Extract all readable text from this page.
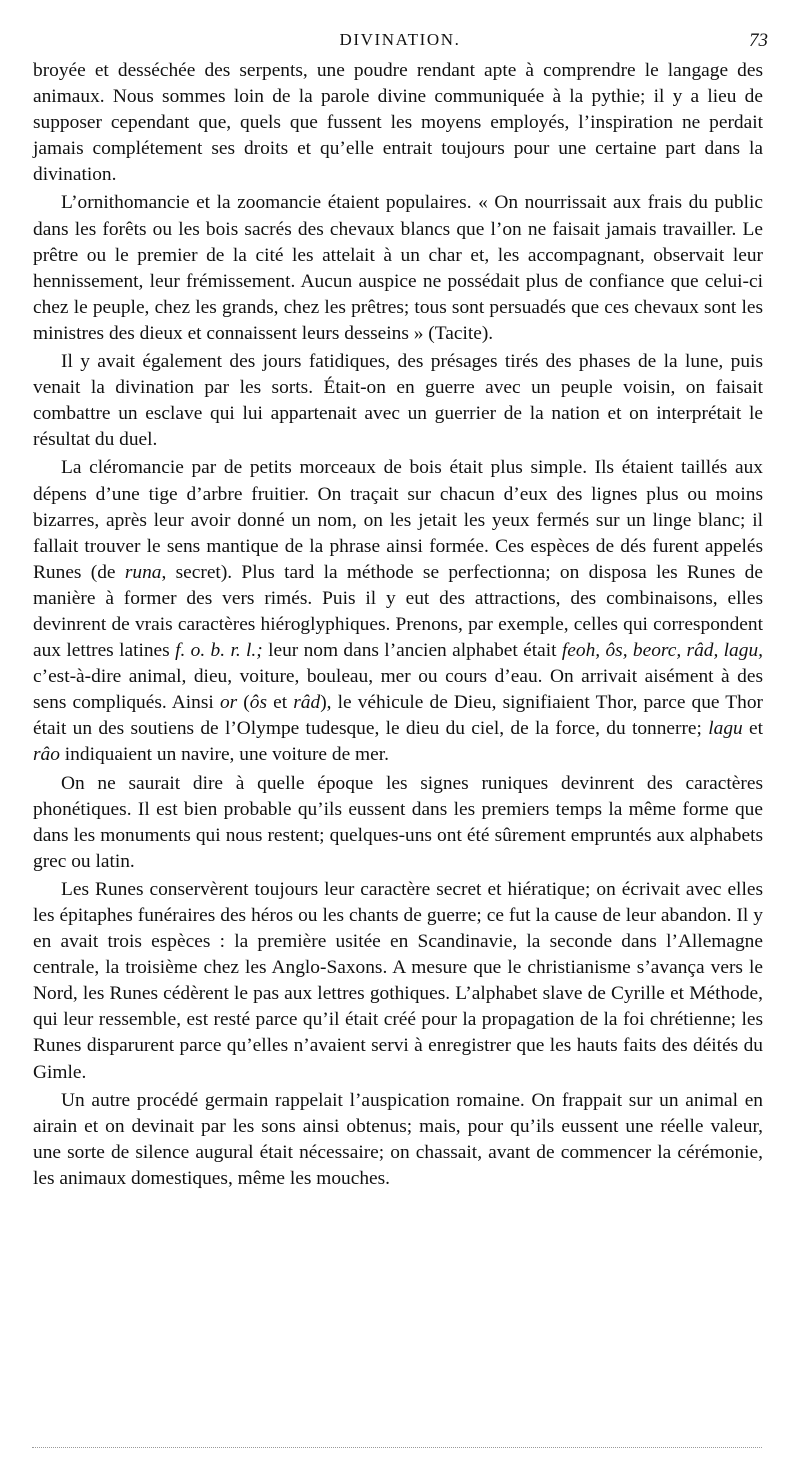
DIVINATION.	73

broyée et desséchée des serpents, une poudre rendant apte à comprendre le langage des animaux. Nous sommes loin de la parole divine communiquée à la pythie; il y a lieu de supposer cependant que, quels que fussent les moyens employés, l’inspiration ne perdait jamais complétement ses droits et qu’elle entrait toujours pour une certaine part dans la divination.

L’ornithomancie et la zoomancie étaient populaires. « On nourrissait aux frais du public dans les forêts ou les bois sacrés des chevaux blancs que l’on ne faisait jamais travailler. Le prêtre ou le premier de la cité les attelait à un char et, les accompagnant, observait leur hennissement, leur frémissement. Aucun auspice ne possédait plus de confiance que celui-ci chez le peuple, chez les grands, chez les prêtres; tous sont persuadés que ces chevaux sont les ministres des dieux et connaissent leurs desseins » (Tacite).

Il y avait également des jours fatidiques, des présages tirés des phases de la lune, puis venait la divination par les sorts. Était-on en guerre avec un peuple voisin, on faisait combattre un esclave qui lui appartenait avec un guerrier de la nation et on interprétait le résultat du duel.

La cléromancie par de petits morceaux de bois était plus simple. Ils étaient taillés aux dépens d’une tige d’arbre fruitier. On traçait sur chacun d’eux des lignes plus ou moins bizarres, après leur avoir donné un nom, on les jetait les yeux fermés sur un linge blanc; il fallait trouver le sens mantique de la phrase ainsi formée. Ces espèces de dés furent appelés Runes (de runa, secret). Plus tard la méthode se perfectionna; on disposa les Runes de manière à former des vers rimés. Puis il y eut des attractions, des combinaisons, elles devinrent de vrais caractères hiéroglyphiques. Prenons, par exemple, celles qui correspondent aux lettres latines f. o. b. r. l.; leur nom dans l’ancien alphabet était feoh, ôs, beorc, râd, lagu, c’est-à-dire animal, dieu, voiture, bouleau, mer ou cours d’eau. On arrivait aisément à des sens compliqués. Ainsi or (ôs et râd), le véhicule de Dieu, signifiaient Thor, parce que Thor était un des soutiens de l’Olympe tudesque, le dieu du ciel, de la force, du tonnerre; lagu et râo indiquaient un navire, une voiture de mer.

On ne saurait dire à quelle époque les signes runiques devinrent des caractères phonétiques. Il est bien probable qu’ils eussent dans les premiers temps la même forme que dans les monuments qui nous restent; quelques-uns ont été sûrement empruntés aux alphabets grec ou latin.

Les Runes conservèrent toujours leur caractère secret et hiératique; on écrivait avec elles les épitaphes funéraires des héros ou les chants de guerre; ce fut la cause de leur abandon. Il y en avait trois espèces : la première usitée en Scandinavie, la seconde dans l’Allemagne centrale, la troisième chez les Anglo-Saxons. A mesure que le christianisme s’avança vers le Nord, les Runes cédèrent le pas aux lettres gothiques. L’alphabet slave de Cyrille et Méthode, qui leur ressemble, est resté parce qu’il était créé pour la propagation de la foi chrétienne; les Runes disparurent parce qu’elles n’avaient servi à enregistrer que les hauts faits des déités du Gimle.

Un autre procédé germain rappelait l’auspication romaine. On frappait sur un animal en airain et on devinait par les sons ainsi obtenus; mais, pour qu’ils eussent une réelle valeur, une sorte de silence augural était nécessaire; on chassait, avant de commencer la cérémonie, les animaux domestiques, même les mouches.
